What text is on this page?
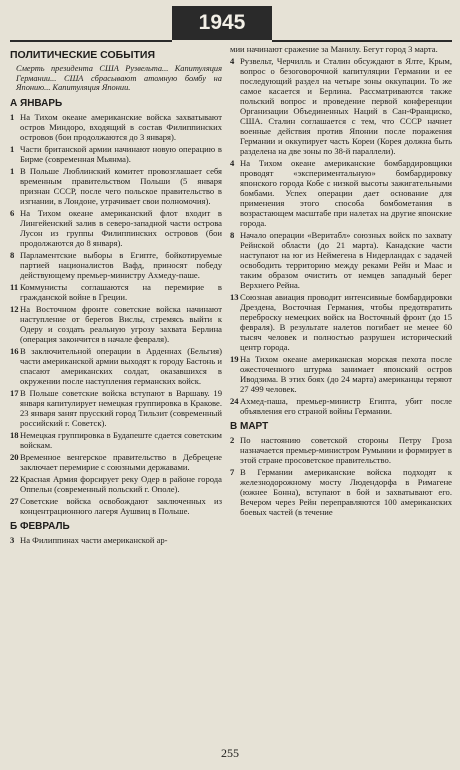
1945
ПОЛИТИЧЕСКИЕ СОБЫТИЯ
Смерть президента США Рузвельта... Капитуляция Германии... США сбрасывают атомную бомбу на Японию... Капитуляция Японии.
А ЯНВАРЬ
1 На Тихом океане американские войска захватывают остров Миндоро, входящий в состав Филиппинских островов (бои продолжаются до 3 января).
1 Части британской армии начинают новую операцию в Бирме (современная Мьянма).
1 В Польше Люблинский комитет провозглашает себя временным правительством Польши (5 января признан СССР, после чего польское правительство в изгнании, в Лондоне, утрачивает свои полномочия).
6 На Тихом океане американский флот входит в Лингейенский залив в северо-западной части острова Лусон из группы Филиппинских островов (бои продолжаются до 8 января).
8 Парламентские выборы в Египте, бойкотируемые партией националистов Вафд, приносят победу действующему премьер-министру Ахмеду-паше.
11 Коммунисты соглашаются на перемирие в гражданской войне в Греции.
12 На Восточном фронте советские войска начинают наступление от берегов Вислы, стремясь выйти к Одеру и создать реальную угрозу захвата Берлина (операция закончится в начале февраля).
16 В заключительной операции в Арденнах (Бельгия) части американской армии выходят к городу Бастонь и спасают американских солдат, оказавшихся в окружении после наступления германских войск.
17 В Польше советские войска вступают в Варшаву. 19 января капитулирует немецкая группировка в Кракове. 23 января занят прусский город Тильзит (современный российский г. Советск).
18 Немецкая группировка в Будапеште сдается советским войскам.
20 Временное венгерское правительство в Дебрецене заключает перемирие с союзными державами.
22 Красная Армия форсирует реку Одер в районе города Оппельн (современный польский г. Ополе).
27 Советские войска освобождают заключенных из концентрационного лагеря Аушвиц в Польше.
Б ФЕВРАЛЬ
3 На Филиппинах части американской ар-
мии начинают сражение за Манилу. Бегут город 3 марта.
4 Рузвельт, Черчилль и Сталин обсуждают в Ялте, Крым, вопрос о безоговорочной капитуляции Германии и ее последующий раздел на четыре зоны оккупации. То же самое касается и Берлина. Рассматриваются также польский вопрос и проведение первой конференции Организации Объединенных Наций в Сан-Франциско, США. Сталин соглашается с тем, что СССР начнет военные действия против Японии после поражения Германии и оккупирует часть Кореи (Корея должна быть разделена на две зоны по 38-й параллели).
4 На Тихом океане американские бомбардировщики проводят «экспериментальную» бомбардировку японского города Кобе с низкой высоты зажигательными бомбами. Успех операции дает основание для применения этого способа бомбометания в возрастающем масштабе при налетах на другие японские города.
8 Начало операции «Веритабл» союзных войск по захвату Рейнской области (до 21 марта). Канадские части наступают на юг из Неймегена в Нидерландах с задачей освободить территорию между реками Рейн и Маас и таким образом очистить от немцев западный берег Верхнего Рейна.
13 Союзная авиация проводит интенсивные бомбардировки Дрездена, Восточная Германия, чтобы предотвратить переброску немецких войск на Восточный фронт (до 15 февраля). В результате налетов погибает не менее 60 тысяч человек и полностью разрушен исторический центр города.
19 На Тихом океане американская морская пехота после ожесточенного штурма занимает японский остров Иводзима. В этих боях (до 24 марта) американцы теряют 27 499 человек.
24 Ахмед-паша, премьер-министр Египта, убит после объявления его страной войны Германии.
В МАРТ
2 По настоянию советской стороны Петру Гроза назначается премьер-министром Румынии и формирует в этой стране просоветское правительство.
7 В Германии американские войска подходят к железнодорожному мосту Людендорфа в Римагене (южнее Бонна), вступают в бой и захватывают его. Вечером через Рейн переправляются 100 американских боевых частей (в течение
255
